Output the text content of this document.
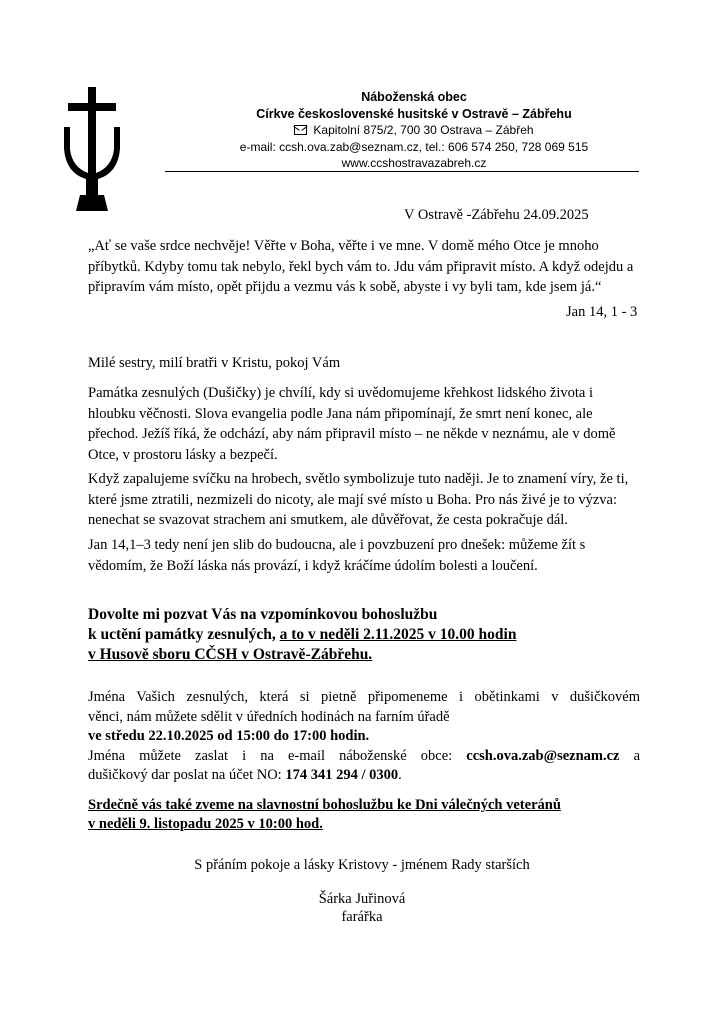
Náboženská obec
Církve československé husitské v Ostravě – Zábřehu
Kapitolní 875/2, 700 30 Ostrava – Zábřeh
e-mail: ccsh.ova.zab@seznam.cz, tel.: 606 574 250, 728 069 515
www.ccshostravazabreh.cz
V Ostravě -Zábřehu 24.09.2025
„Ať se vaše srdce nechvěje! Věřte v Boha, věřte i ve mne. V domě mého Otce je mnoho příbytků. Kdyby tomu tak nebylo, řekl bych vám to. Jdu vám připravit místo. A když odejdu a připravím vám místo, opět přijdu a vezmu vás k sobě, abyste i vy byli tam, kde jsem já.“
Jan 14, 1 - 3
Milé sestry, milí bratři v Kristu, pokoj Vám
Památka zesnulých (Dušičky) je chvílí, kdy si uvědomujeme křehkost lidského života i hloubku věčnosti. Slova evangelia podle Jana nám připomínají, že smrt není konec, ale přechod. Ježíš říká, že odchází, aby nám připravil místo – ne někde v neznámu, ale v domě Otce, v prostoru lásky a bezpečí.
Když zapalujeme svíčku na hrobech, světlo symbolizuje tuto naději. Je to znamení víry, že ti, které jsme ztratili, nezmizeli do nicoty, ale mají své místo u Boha. Pro nás živé je to výzva: nenechat se svazovat strachem ani smutkem, ale důvěřovat, že cesta pokračuje dál.
Jan 14,1–3 tedy není jen slib do budoucna, ale i povzbuzení pro dnešek: můžeme žít s vědomím, že Boží láska nás provází, i když kráčíme údolím bolesti a loučení.
Dovolte mi pozvat Vás na vzpomínkovou bohoslužbu
k uctění památky zesnulých, a to v neděli 2.11.2025 v 10.00 hodin
v Husově sboru CČSH v Ostravě-Zábřehu.
Jména Vašich zesnulých, která si pietně připomeneme i obětinkami v dušičkovém
věnci, nám můžete sdělit v úředních hodinách na farním úřadě
ve středu 22.10.2025 od 15:00 do 17:00 hodin.
Jména můžete zaslat i na e-mail náboženské obce: ccsh.ova.zab@seznam.cz a
dušičkový dar poslat na účet NO: 174 341 294 / 0300.
Srdečně vás také zveme na slavnostní bohoslužbu ke Dni válečných veteránů
v neděli 9. listopadu 2025 v 10:00 hod.
S přáním pokoje a lásky Kristovy - jménem Rady starších
Šárka Juřinová
farářka
